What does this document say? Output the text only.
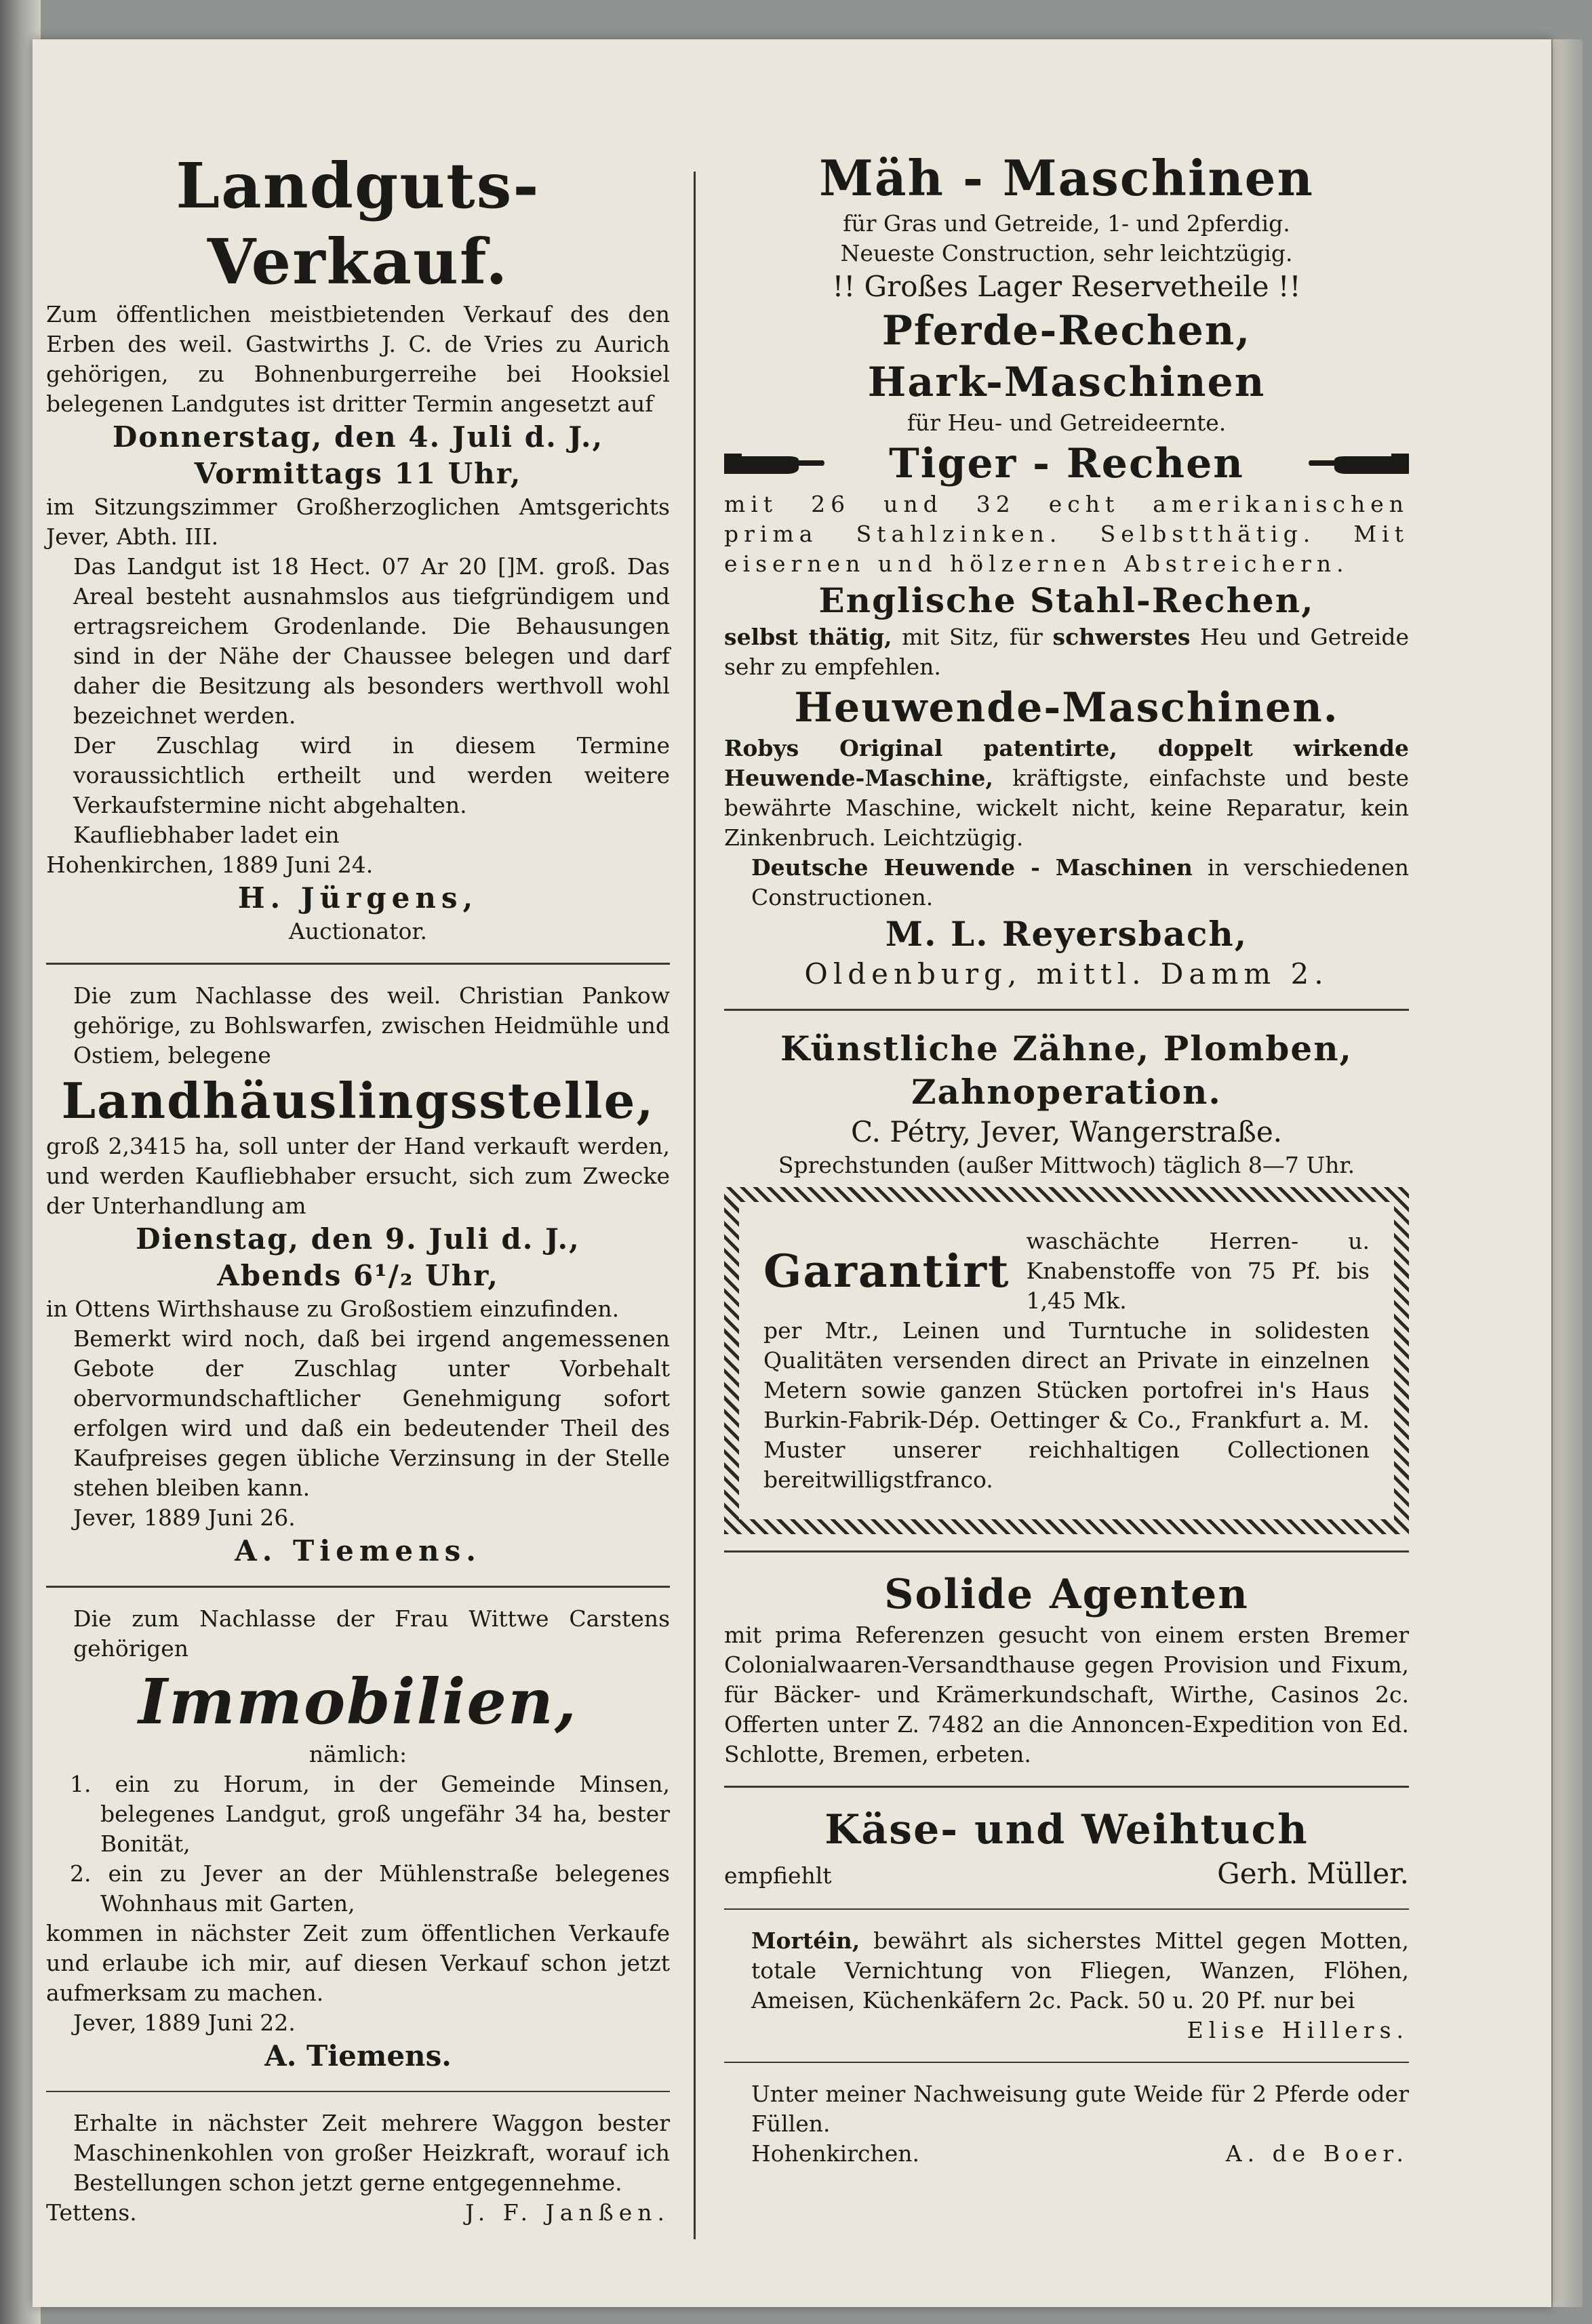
Landguts-Verkauf.

Zum öffentlichen meistbietenden Verkauf des den Erben des weil. Gastwirths J. C. de Vries zu Aurich gehörigen, zu Bohnenburgerreihe bei Hooksiel belegenen Landgutes ist dritter Termin angesetzt auf

Donnerstag, den 4. Juli d. J.,

Vormittags 11 Uhr,

im Sitzungszimmer Großherzoglichen Amtsgerichts Jever, Abth. III.

Das Landgut ist 18 Hect. 07 Ar 20 []M. groß. Das Areal besteht ausnahmslos aus tiefgründigem und ertragsreichem Grodenlande. Die Behausungen sind in der Nähe der Chaussee belegen und darf daher die Besitzung als besonders werthvoll wohl bezeichnet werden.

Der Zuschlag wird in diesem Termine voraussichtlich ertheilt und werden weitere Verkaufstermine nicht abgehalten.

Kaufliebhaber ladet ein

Hohenkirchen, 1889 Juni 24.

H. Jürgens,

Auctionator.

Die zum Nachlasse des weil. Christian Pankow gehörige, zu Bohlswarfen, zwischen Heidmühle und Ostiem, belegene

Landhäuslingsstelle,

groß 2,3415 ha, soll unter der Hand verkauft werden, und werden Kaufliebhaber ersucht, sich zum Zwecke der Unterhandlung am

Dienstag, den 9. Juli d. J.,

Abends 6¹/₂ Uhr,

in Ottens Wirthshause zu Großostiem einzufinden.

Bemerkt wird noch, daß bei irgend angemessenen Gebote der Zuschlag unter Vorbehalt obervormundschaftlicher Genehmigung sofort erfolgen wird und daß ein bedeutender Theil des Kaufpreises gegen übliche Verzinsung in der Stelle stehen bleiben kann.

Jever, 1889 Juni 26.

A. Tiemens.

Die zum Nachlasse der Frau Wittwe Carstens gehörigen

Immobilien,

nämlich:

1. ein zu Horum, in der Gemeinde Minsen, belegenes Landgut, groß ungefähr 34 ha, bester Bonität,

2. ein zu Jever an der Mühlenstraße belegenes Wohnhaus mit Garten,

kommen in nächster Zeit zum öffentlichen Verkaufe und erlaube ich mir, auf diesen Verkauf schon jetzt aufmerksam zu machen.

Jever, 1889 Juni 22.

A. Tiemens.

Erhalte in nächster Zeit mehrere Waggon bester Maschinenkohlen von großer Heizkraft, worauf ich Bestellungen schon jetzt gerne entgegennehme.

Tettens.	J. F. Janßen.

Mäh - Maschinen

für Gras und Getreide, 1- und 2pferdig.

Neueste Construction, sehr leichtzügig.

!! Großes Lager Reservetheile !!

Pferde-Rechen,

Hark-Maschinen

für Heu- und Getreideernte.

Tiger - Rechen

mit 26 und 32 echt amerikanischen prima Stahlzinken. Selbstthätig. Mit eisernen und hölzernen Abstreichern.

Englische Stahl-Rechen,

selbst thätig, mit Sitz, für schwerstes Heu und Getreide sehr zu empfehlen.

Heuwende-Maschinen.

Robys Original patentirte, doppelt wirkende Heuwende-Maschine, kräftigste, einfachste und beste bewährte Maschine, wickelt nicht, keine Reparatur, kein Zinkenbruch. Leichtzügig.

Deutsche Heuwende - Maschinen in verschiedenen Constructionen.

M. L. Reyersbach,

Oldenburg, mittl. Damm 2.

Künstliche Zähne, Plomben,

Zahnoperation.

C. Pétry, Jever, Wangerstraße.

Sprechstunden (außer Mittwoch) täglich 8—7 Uhr.

Garantirt

waschächte Herren- u. Knabenstoffe von 75 Pf. bis 1,45 Mk.

per Mtr., Leinen und Turntuche in solidesten Qualitäten versenden direct an Private in einzelnen Metern sowie ganzen Stücken portofrei in's Haus Burkin-Fabrik-Dép. Oettinger & Co., Frankfurt a. M. Muster unserer reichhaltigen Collectionen bereitwilligstfranco.

Solide Agenten

mit prima Referenzen gesucht von einem ersten Bremer Colonialwaaren-Versandthause gegen Provision und Fixum, für Bäcker- und Krämerkundschaft, Wirthe, Casinos 2c. Offerten unter Z. 7482 an die Annoncen-Expedition von Ed. Schlotte, Bremen, erbeten.

Käse- und Weihtuch

empfiehlt	Gerh. Müller.

Mortéin, bewährt als sicherstes Mittel gegen Motten, totale Vernichtung von Fliegen, Wanzen, Flöhen, Ameisen, Küchenkäfern 2c. Pack. 50 u. 20 Pf. nur bei

Elise Hillers.

Unter meiner Nachweisung gute Weide für 2 Pferde oder Füllen.

Hohenkirchen.	A. de Boer.
